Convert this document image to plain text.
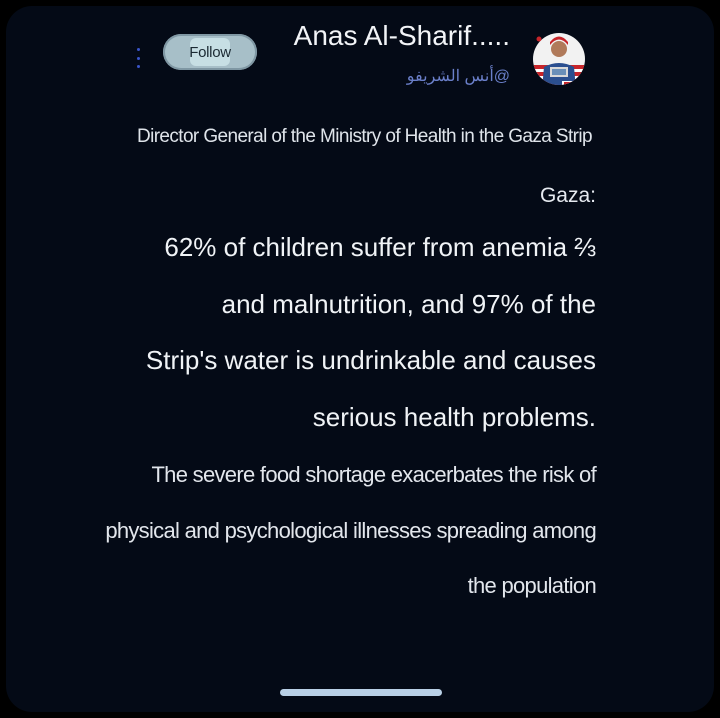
Follow
Anas Al-Sharif.....
@أنس الشريفو
Director General of the Ministry of Health in the Gaza Strip
Gaza:
62% of children suffer from anemia ⅔
and malnutrition, and 97% of the
Strip's water is undrinkable and causes
serious health problems.
The severe food shortage exacerbates the risk of
physical and psychological illnesses spreading among
the population
